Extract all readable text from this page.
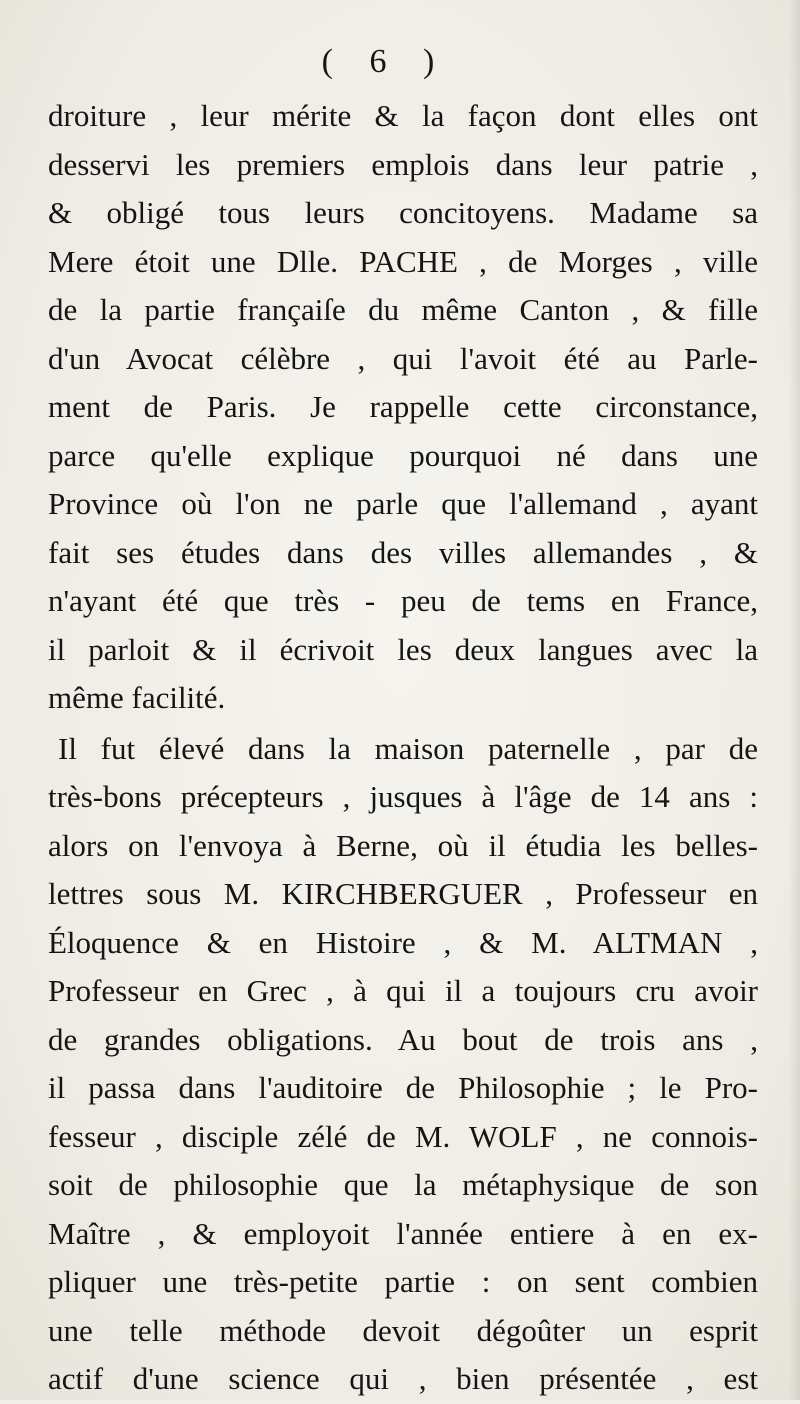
( 6 )
droiture , leur mérite & la façon dont elles ont
desservi les premiers emplois dans leur patrie ,
& obligé tous leurs concitoyens. Madame sa
Mere étoit une Dlle. PACHE , de Morges , ville
de la partie françaiſe du même Canton , & fille
d'un Avocat célèbre , qui l'avoit été au Parle-
ment de Paris. Je rappelle cette circonstance,
parce qu'elle explique pourquoi né dans une
Province où l'on ne parle que l'allemand , ayant
fait ses études dans des villes allemandes , &
n'ayant été que très - peu de tems en France,
il parloit & il écrivoit les deux langues avec la
même facilité.
Il fut élevé dans la maison paternelle , par de
très-bons précepteurs , jusques à l'âge de 14 ans :
alors on l'envoya à Berne, où il étudia les belles-
lettres sous M. KIRCHBERGUER , Professeur en
Éloquence & en Histoire , & M. ALTMAN ,
Professeur en Grec , à qui il a toujours cru avoir
de grandes obligations. Au bout de trois ans ,
il passa dans l'auditoire de Philosophie ; le Pro-
fesseur , disciple zélé de M. WOLF , ne connois-
soit de philosophie que la métaphysique de son
Maître , & employoit l'année entiere à en ex-
pliquer une très-petite partie : on sent combien
une telle méthode devoit dégoûter un esprit
actif d'une science qui , bien présentée , est
